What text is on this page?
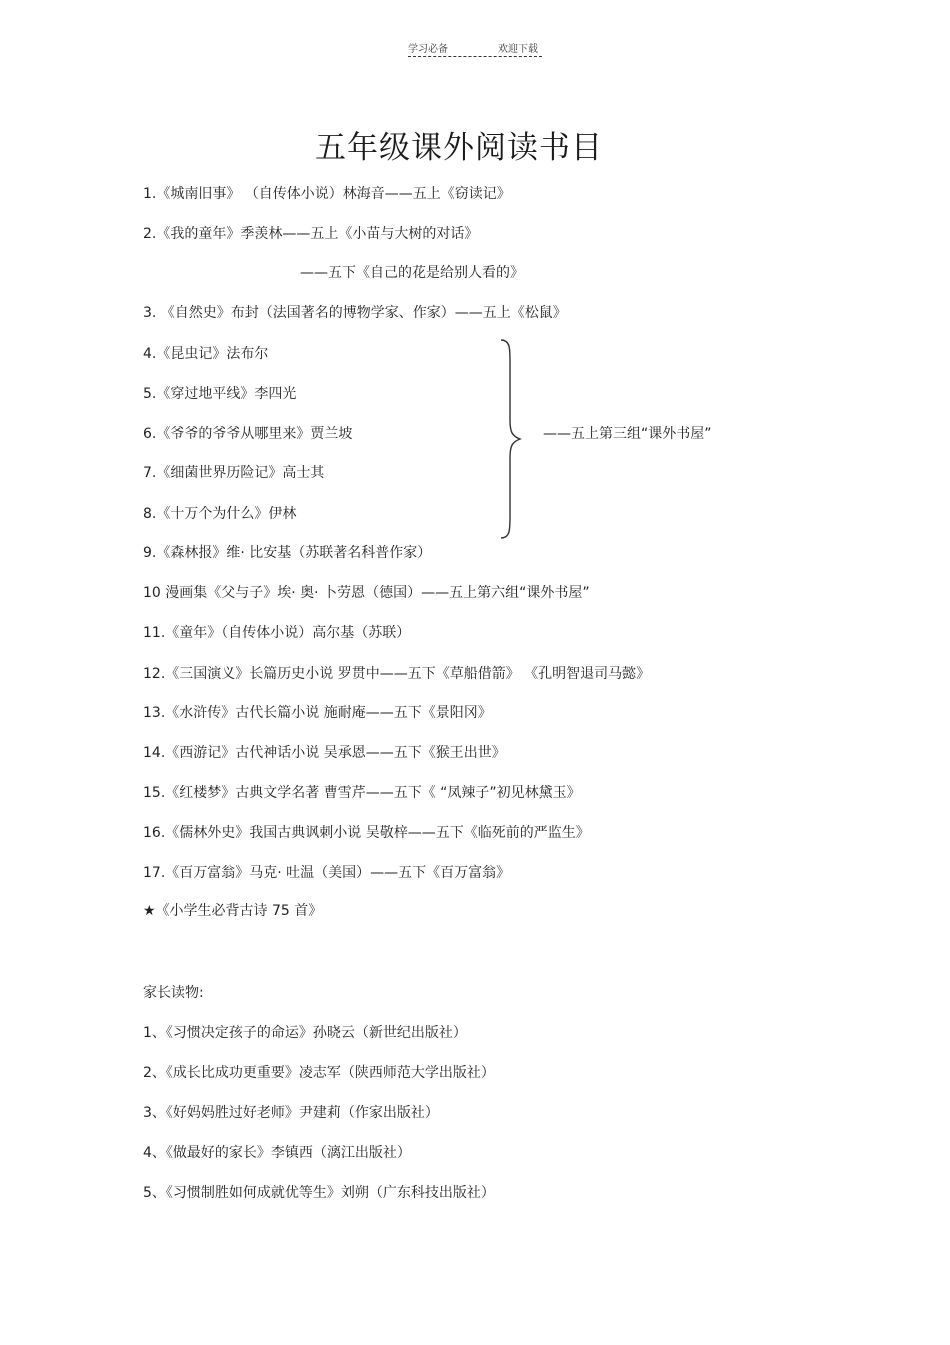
学习必备	欢迎下载
五年级课外阅读书目
1.《城南旧事》 （自传体小说）林海音——五上《窃读记》
2.《我的童年》季羡林——五上《小苗与大树的对话》
——五下《自己的花是给别人看的》
3. 《自然史》布封（法国著名的博物学家、作家）——五上《松鼠》
4.《昆虫记》法布尔
5.《穿过地平线》李四光
6.《爷爷的爷爷从哪里来》贾兰坡
7.《细菌世界历险记》高士其
8.《十万个为什么》伊林
9.《森林报》维· 比安基（苏联著名科普作家）
10 漫画集《父与子》埃· 奥· 卜劳恩（德国）——五上第六组“课外书屋”
11.《童年》（自传体小说）高尔基（苏联）
12.《三国演义》长篇历史小说 罗贯中——五下《草船借箭》 《孔明智退司马懿》
13.《水浒传》古代长篇小说 施耐庵——五下《景阳冈》
14.《西游记》古代神话小说 吴承恩——五下《猴王出世》
15.《红楼梦》古典文学名著 曹雪芹——五下《 “凤辣子”初见林黛玉》
16.《儒林外史》我国古典讽刺小说 吴敬梓——五下《临死前的严监生》
17.《百万富翁》马克· 吐温（美国）——五下《百万富翁》
★《小学生必背古诗 75 首》
——五上第三组“课外书屋”
家长读物:
1、《习惯决定孩子的命运》孙晓云（新世纪出版社）
2、《成长比成功更重要》凌志军（陕西师范大学出版社）
3、《好妈妈胜过好老师》尹建莉（作家出版社）
4、《做最好的家长》李镇西（漓江出版社）
5、《习惯制胜如何成就优等生》刘朔（广东科技出版社）
